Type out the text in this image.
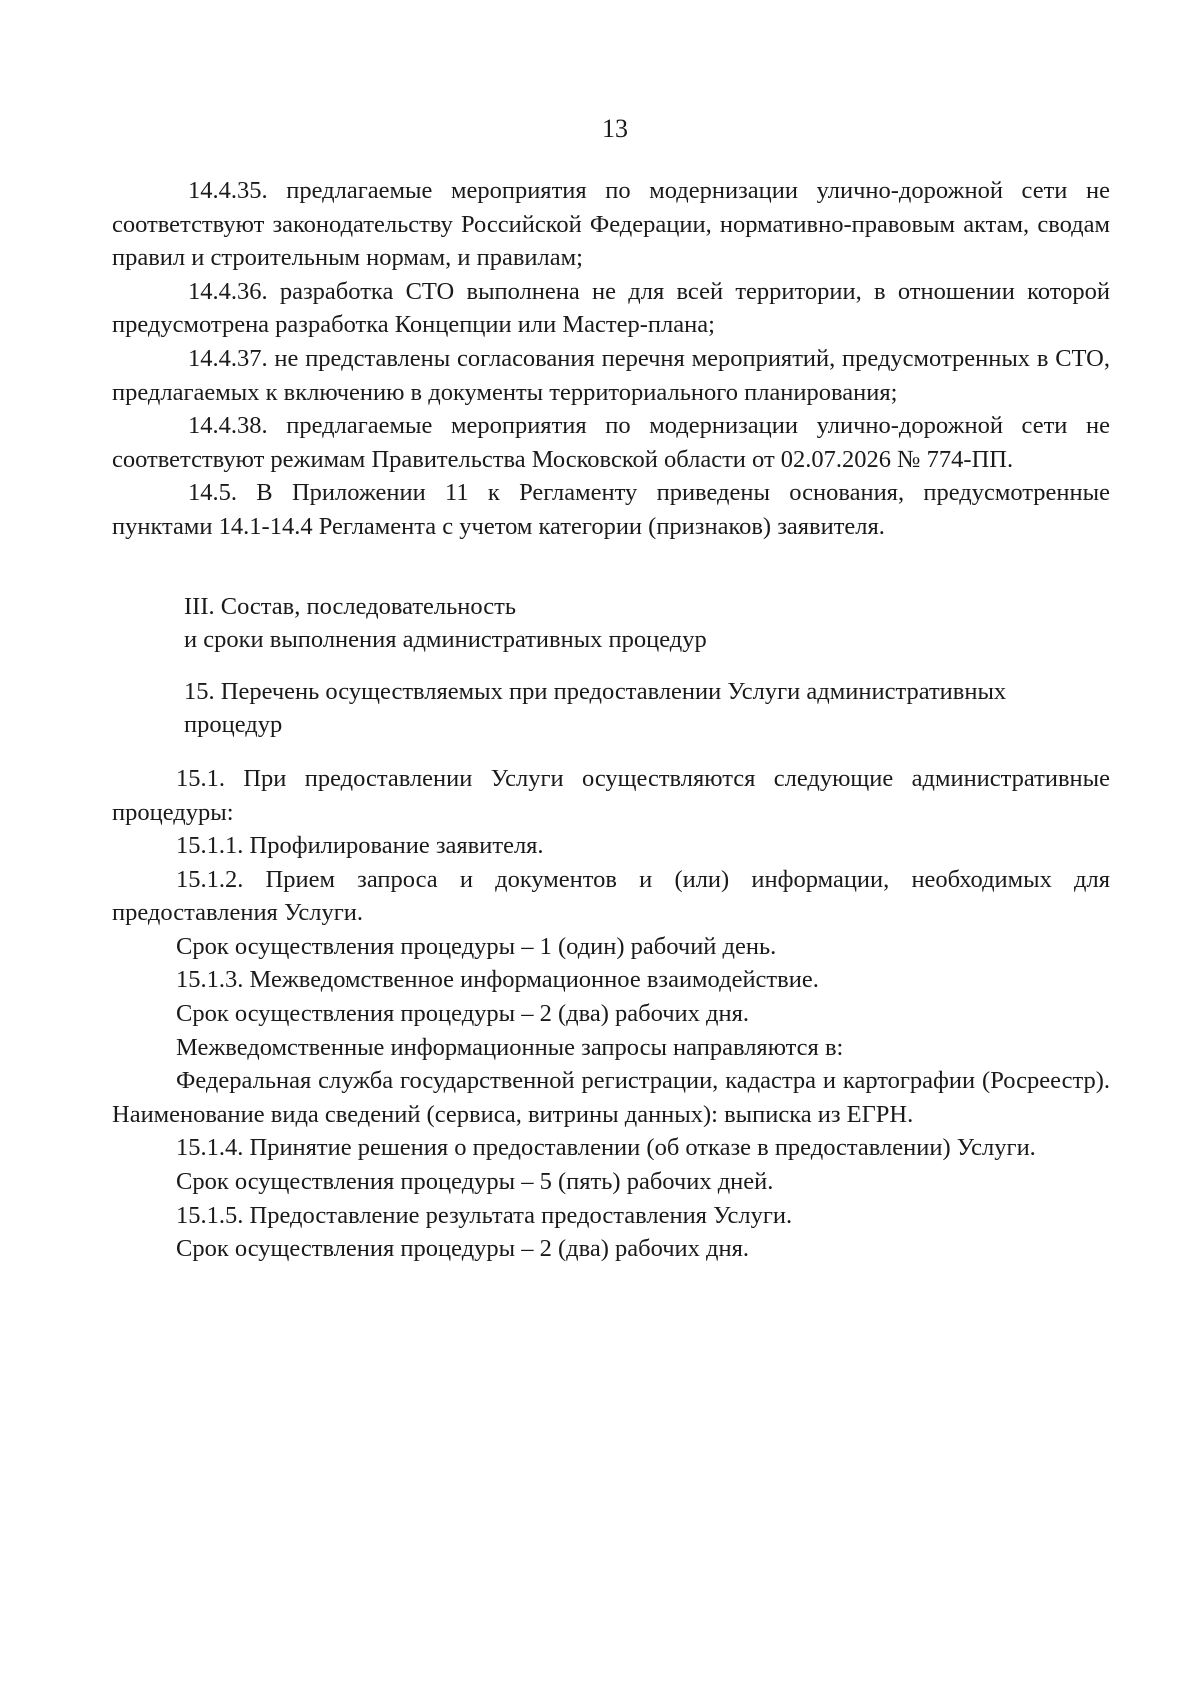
13

14.4.35. предлагаемые мероприятия по модернизации улично-дорожной сети не соответствуют законодательству Российской Федерации, нормативно-правовым актам, сводам правил и строительным нормам, и правилам;

14.4.36. разработка СТО выполнена не для всей территории, в отношении которой предусмотрена разработка Концепции или Мастер-плана;

14.4.37. не представлены согласования перечня мероприятий, предусмотренных в СТО, предлагаемых к включению в документы территориального планирования;

14.4.38. предлагаемые мероприятия по модернизации улично-дорожной сети не соответствуют режимам Правительства Московской области от 02.07.2026 № 774-ПП.

14.5. В Приложении 11 к Регламенту приведены основания, предусмотренные пунктами 14.1-14.4 Регламента с учетом категории (признаков) заявителя.

III. Состав, последовательность

и сроки выполнения административных процедур

15. Перечень осуществляемых при предоставлении Услуги административных

процедур

15.1. При предоставлении Услуги осуществляются следующие административные процедуры:

15.1.1. Профилирование заявителя.

15.1.2. Прием запроса и документов и (или) информации, необходимых для предоставления Услуги.

Срок осуществления процедуры – 1 (один) рабочий день.

15.1.3. Межведомственное информационное взаимодействие.

Срок осуществления процедуры – 2 (два) рабочих дня.

Межведомственные информационные запросы направляются в:

Федеральная служба государственной регистрации, кадастра и картографии (Росреестр). Наименование вида сведений (сервиса, витрины данных): выписка из ЕГРН.

15.1.4. Принятие решения о предоставлении (об отказе в предоставлении) Услуги.

Срок осуществления процедуры – 5 (пять) рабочих дней.

15.1.5. Предоставление результата предоставления Услуги.

Срок осуществления процедуры – 2 (два) рабочих дня.
